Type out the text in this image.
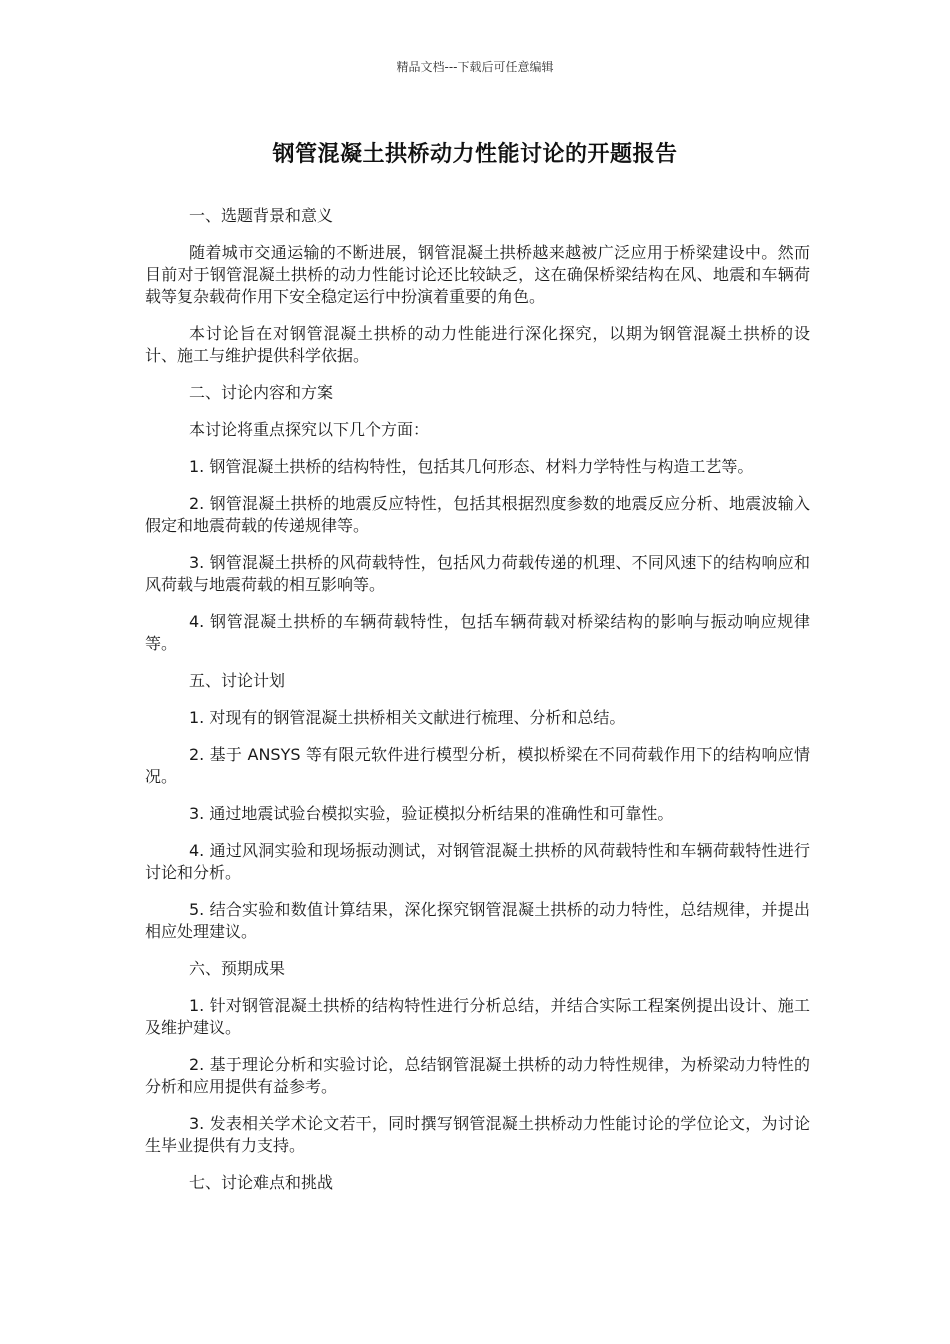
精品文档---下载后可任意编辑
钢管混凝土拱桥动力性能讨论的开题报告

一、选题背景和意义

随着城市交通运输的不断进展，钢管混凝土拱桥越来越被广泛应用于桥梁建设中。然而目前对于钢管混凝土拱桥的动力性能讨论还比较缺乏，这在确保桥梁结构在风、地震和车辆荷载等复杂载荷作用下安全稳定运行中扮演着重要的角色。

本讨论旨在对钢管混凝土拱桥的动力性能进行深化探究，以期为钢管混凝土拱桥的设计、施工与维护提供科学依据。

二、讨论内容和方案

本讨论将重点探究以下几个方面：

1. 钢管混凝土拱桥的结构特性，包括其几何形态、材料力学特性与构造工艺等。

2. 钢管混凝土拱桥的地震反应特性，包括其根据烈度参数的地震反应分析、地震波输入假定和地震荷载的传递规律等。

3. 钢管混凝土拱桥的风荷载特性，包括风力荷载传递的机理、不同风速下的结构响应和风荷载与地震荷载的相互影响等。

4. 钢管混凝土拱桥的车辆荷载特性，包括车辆荷载对桥梁结构的影响与振动响应规律等。

五、讨论计划

1. 对现有的钢管混凝土拱桥相关文献进行梳理、分析和总结。

2. 基于 ANSYS 等有限元软件进行模型分析，模拟桥梁在不同荷载作用下的结构响应情况。

3. 通过地震试验台模拟实验，验证模拟分析结果的准确性和可靠性。

4. 通过风洞实验和现场振动测试，对钢管混凝土拱桥的风荷载特性和车辆荷载特性进行讨论和分析。

5. 结合实验和数值计算结果，深化探究钢管混凝土拱桥的动力特性，总结规律，并提出相应处理建议。

六、预期成果

1. 针对钢管混凝土拱桥的结构特性进行分析总结，并结合实际工程案例提出设计、施工及维护建议。

2. 基于理论分析和实验讨论，总结钢管混凝土拱桥的动力特性规律，为桥梁动力特性的分析和应用提供有益参考。

3. 发表相关学术论文若干，同时撰写钢管混凝土拱桥动力性能讨论的学位论文，为讨论生毕业提供有力支持。

七、讨论难点和挑战
